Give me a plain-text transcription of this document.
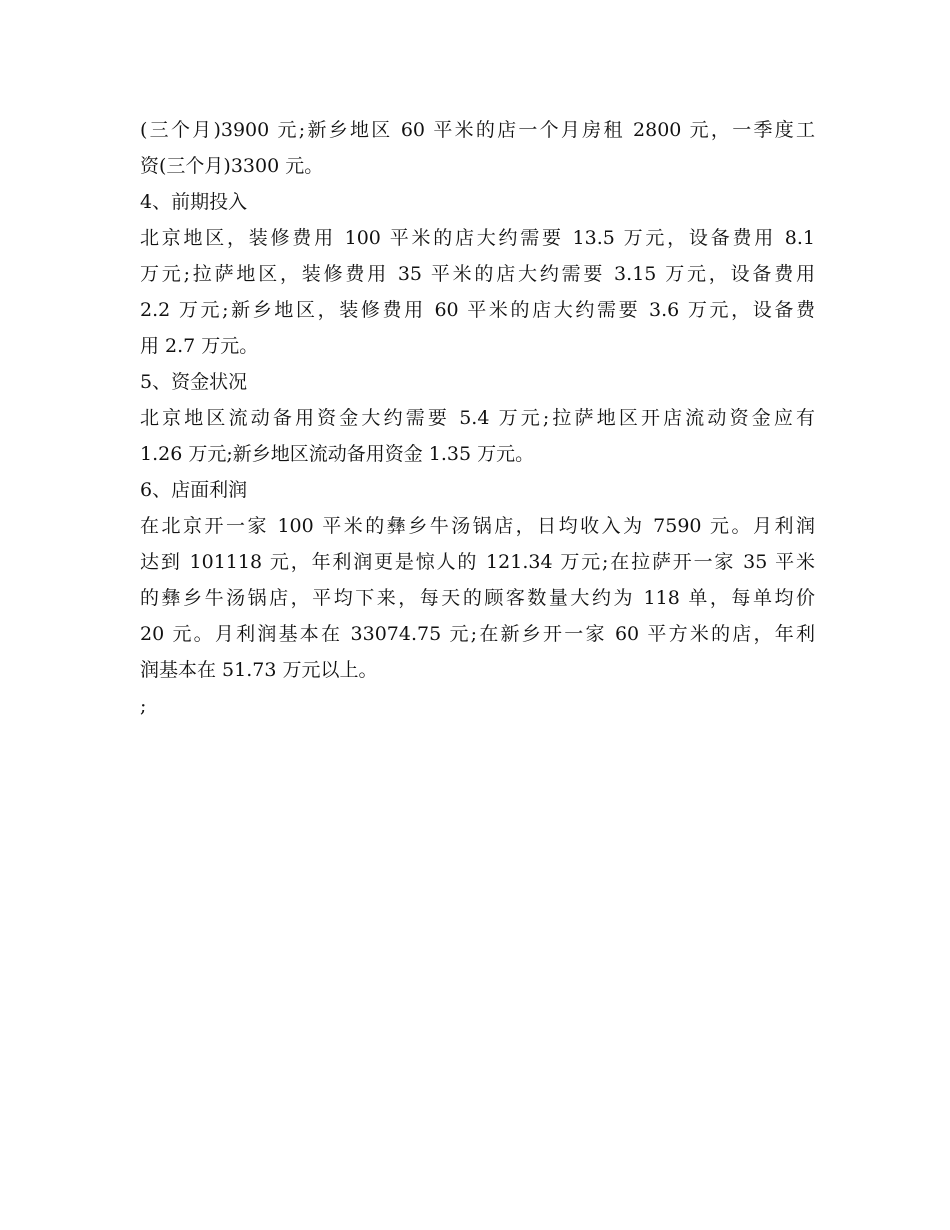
(三个月)3900 元;新乡地区 60 平米的店一个月房租 2800 元，一季度工
资(三个月)3300 元。
4、前期投入
北京地区，装修费用 100 平米的店大约需要 13.5 万元，设备费用 8.1
万元;拉萨地区，装修费用 35 平米的店大约需要 3.15 万元，设备费用
2.2 万元;新乡地区，装修费用 60 平米的店大约需要 3.6 万元，设备费
用 2.7 万元。
5、资金状况
北京地区流动备用资金大约需要 5.4 万元;拉萨地区开店流动资金应有
1.26 万元;新乡地区流动备用资金 1.35 万元。
6、店面利润
在北京开一家 100 平米的彝乡牛汤锅店，日均收入为 7590 元。月利润
达到 101118 元，年利润更是惊人的 121.34 万元;在拉萨开一家 35 平米
的彝乡牛汤锅店，平均下来，每天的顾客数量大约为 118 单，每单均价
20 元。月利润基本在 33074.75 元;在新乡开一家 60 平方米的店，年利
润基本在 51.73 万元以上。
;
